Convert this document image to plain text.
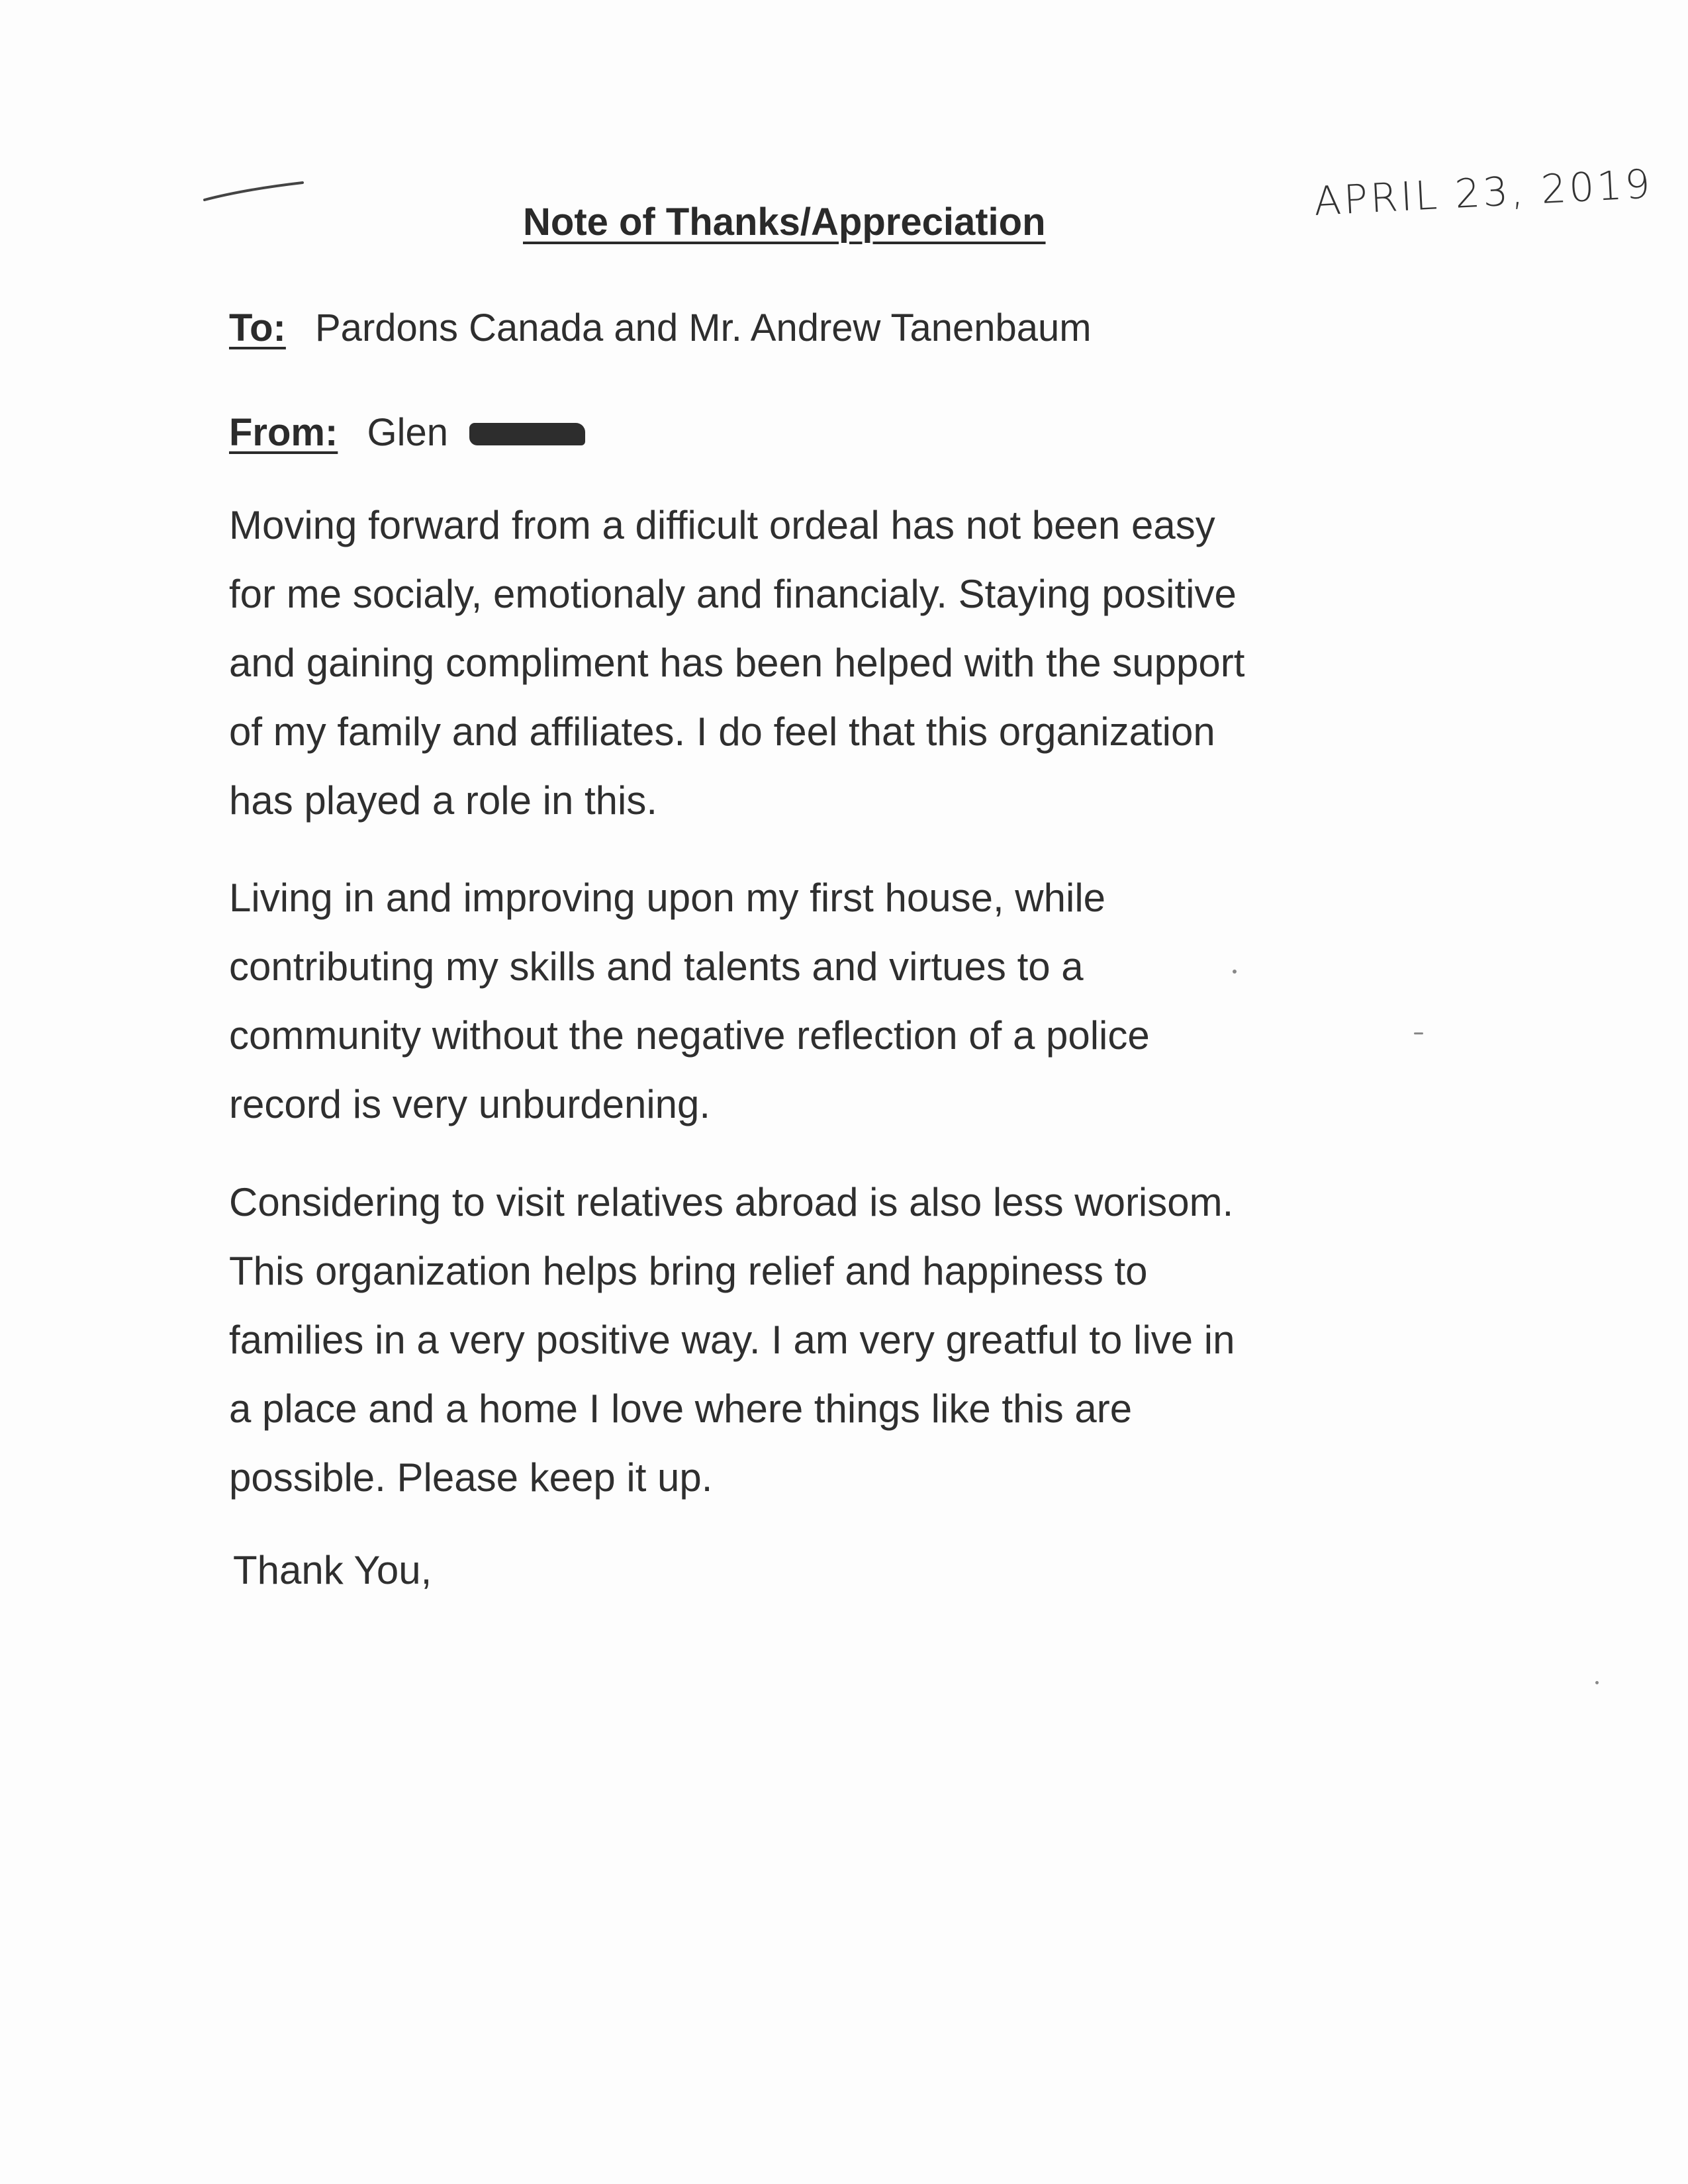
APRIL 23, 2019
Note of Thanks/Appreciation
To: Pardons Canada and Mr. Andrew Tanenbaum
From: Glen
Moving forward from a difficult ordeal has not been easy
for me socialy, emotionaly and financialy. Staying positive
and gaining compliment has been helped with the support
of my family and affiliates. I do feel that this organization
has played a role in this.
Living in and improving upon my first house, while
contributing my skills and talents and virtues to a
community without the negative reflection of a police
record is very unburdening.
Considering to visit relatives abroad is also less worisom.
This organization helps bring relief and happiness to
families in a very positive way. I am very greatful to live in
a place and a home I love where things like this are
possible. Please keep it up.
Thank You,
